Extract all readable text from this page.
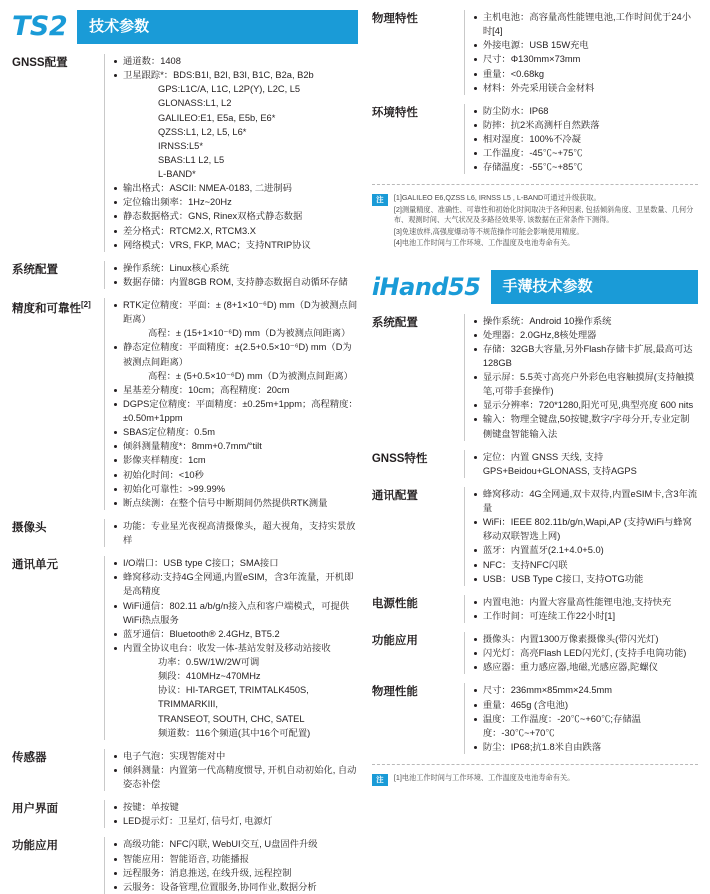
TS2	技术参数
GNSS配置	通道数：1408
卫星跟踪*：BDS:B1I, B2I, B3I, B1C, B2a, B2b
GPS:L1C/A, L1C, L2P(Y), L2C, L5
GLONASS:L1, L2
GALILEO:E1, E5a, E5b, E6*
QZSS:L1, L2, L5, L6*
IRNSS:L5*
SBAS:L1 L2, L5
L-BAND*
输出格式：ASCII: NMEA-0183, 二进制码
定位输出频率：1Hz~20Hz
静态数据格式：GNS, Rinex双格式静态数据
差分格式：RTCM2.X, RTCM3.X
网络模式：VRS, FKP, MAC；支持NTRIP协议
系统配置	操作系统：Linux核心系统
数据存储：内置8GB ROM, 支持静态数据自动循环存储
精度和可靠性[2]	RTK定位精度：平面：± (8+1×10⁻⁶D) mm（D为被测点间距离）
高程：± (15+1×10⁻⁶D) mm（D为被测点间距离）
静态定位精度：平面精度：±(2.5+0.5×10⁻⁶D) mm（D为被测点间距离）
高程：± (5+0.5×10⁻⁶D) mm（D为被测点间距离）
星基差分精度：10cm；高程精度：20cm
DGPS定位精度：平面精度：±0.25m+1ppm；高程精度：±0.50m+1ppm
SBAS定位精度：0.5m
倾斜测量精度*：8mm+0.7mm/°tilt
影像夹样精度：1cm
初始化时间：<10秒
初始化可靠性：>99.99%
断点续测：在整个信号中断期间仍然提供RTK测量
摄像头	功能：专业星光夜视高清摄像头，超大视角，支持实景放样
通讯单元	I/O端口：USB type C接口；SMA接口
蜂窝移动:支持4G全网通,内置eSIM，含3年流量，开机即是高精度
WiFi通信：802.11 a/b/g/n接入点和客户端模式，可提供WiFi热点服务
蓝牙通信：Bluetooth® 2.4GHz, BT5.2
内置全协议电台：收发一体-基站发射及移动站接收
功率：0.5W/1W/2W可调
频段：410MHz~470MHz
协议：HI-TARGET, TRIMTALK450S, TRIMMARKIII,
TRANSEOT, SOUTH, CHC, SATEL
频道数：116个频道(其中16个可配置)
传感器	电子气泡：实现智能对中
倾斜测量：内置第一代高精度惯导, 开机自动初始化, 自动姿态补偿
用户界面	按键：单按键
LED提示灯：卫星灯, 信号灯, 电源灯
功能应用	高级功能：NFC闪联, WebUI交互, U盘固件升级
智能应用：智能语音, 功能播报
远程服务：消息推送, 在线升级, 远程控制
云服务：设备管理,位置服务,协同作业,数据分析
物理特性	主机电池：高容量高性能锂电池,工作时间优于24小时[4]
外接电源：USB 15W充电
尺寸：Φ130mm×73mm
重量：<0.68kg
材料：外壳采用镁合金材料
环境特性	防尘防水：IP68
防摔：抗2米高测杆自然跌落
相对湿度：100%不冷凝
工作温度：-45℃~+75℃
存储温度：-55℃~+85℃
注	[1]GALILEO E6,QZSS L6, IRNSS L5 , L-BAND可通过升级获取。

[2]测量精度、准确性、可靠性和初始化时间取决于各种因素, 包括倾斜角度、卫星数量、几何分布、观测时间、大气状况及多路径效果等, 该数据在正常条件下测得。

[3]免速放样,高强度爆动等不规范操作可能会影响使用精度。

[4]电池工作时间与工作环境、工作温度及电池寿命有关。

iHand55	手薄技术参数
系统配置	操作系统：Android 10操作系统
处理器：2.0GHz,8核处理器
存储：32GB大容量,另外Flash存储卡扩展,最高可达128GB
显示屏：5.5英寸高亮户外彩色电容触摸屏(支持触摸笔,可带手套操作)
显示分辨率：720*1280,阳光可见,典型亮度 600 nits
输入：物理全键盘,50按键,数字/字母分开,专业定制侧键盘智能输入法
GNSS特性	定位：内置 GNSS 天线, 支持GPS+Beidou+GLONASS, 支持AGPS
通讯配置	蜂窝移动：4G全网通,双卡双待,内置eSIM卡,含3年流量
WiFi：IEEE 802.11b/g/n,Wapi,AP (支持WiFi与蜂窝移动双联智选上网)
蓝牙：内置蓝牙(2.1+4.0+5.0)
NFC：支持NFC闪联
USB：USB Type C接口, 支持OTG功能
电源性能	内置电池：内置大容量高性能锂电池,支持快充
工作时间：可连续工作22小时[1]
功能应用	摄像头：内置1300万像素摄像头(带闪光灯)
闪光灯：高亮Flash LED闪光灯, (支持手电筒功能)
感应器：重力感应器,地磁,光感应器,陀螺仪
物理性能	尺寸：236mm×85mm×24.5mm
重量：465g (含电池)
温度：工作温度：-20℃~+60℃;存储温度：-30℃~+70℃
防尘：IP68;抗1.8米自由跌落
注	[1]电池工作时间与工作环境、工作温度及电池寿命有关。
